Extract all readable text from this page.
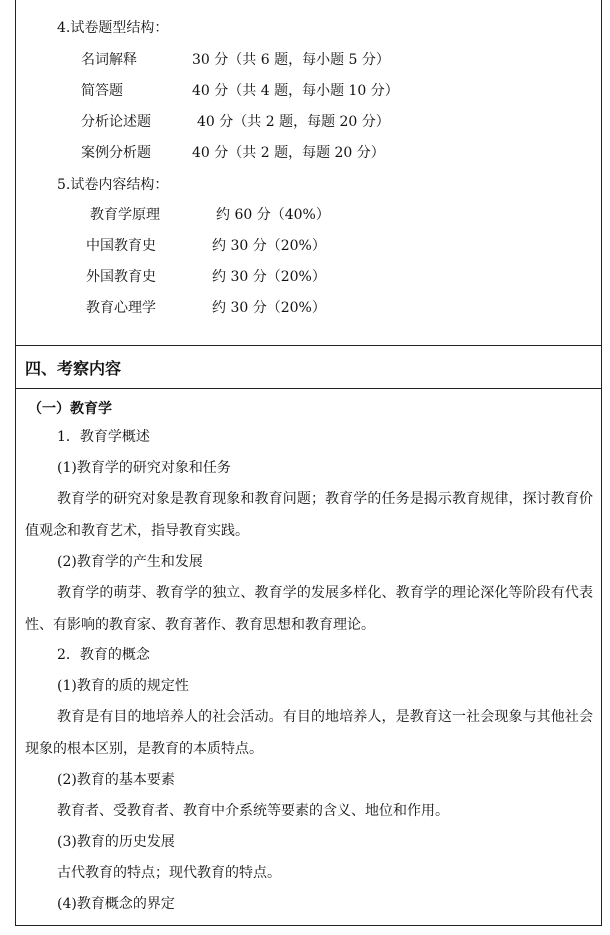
4.试卷题型结构：
名词解释	30 分（共 6 题，每小题 5 分）
简答题	40 分（共 4 题，每小题 10 分）
分析论述题	40 分（共 2 题，每题 20 分）
案例分析题	40 分（共 2 题，每题 20 分）
5.试卷内容结构：
教育学原理	约 60 分（40%）
中国教育史	约 30 分（20%）
外国教育史	约 30 分（20%）
教育心理学	约 30 分（20%）
四、考察内容
（一）教育学
1．教育学概述
(1)教育学的研究对象和任务
教育学的研究对象是教育现象和教育问题；教育学的任务是揭示教育规律，探讨教育价值观念和教育艺术，指导教育实践。
(2)教育学的产生和发展
教育学的萌芽、教育学的独立、教育学的发展多样化、教育学的理论深化等阶段有代表性、有影响的教育家、教育著作、教育思想和教育理论。
2．教育的概念
(1)教育的质的规定性
教育是有目的地培养人的社会活动。有目的地培养人，是教育这一社会现象与其他社会现象的根本区别，是教育的本质特点。
(2)教育的基本要素
教育者、受教育者、教育中介系统等要素的含义、地位和作用。
(3)教育的历史发展
古代教育的特点；现代教育的特点。
(4)教育概念的界定
